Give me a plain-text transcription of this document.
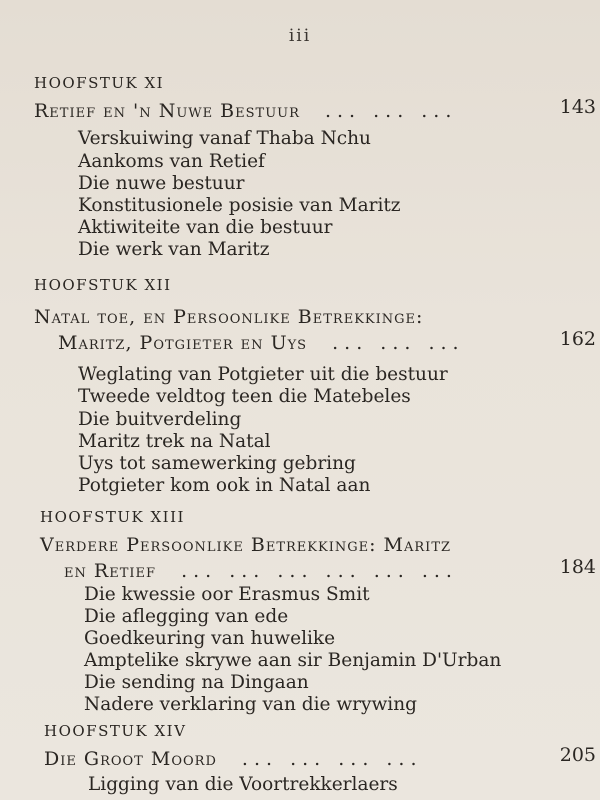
iii
HOOFSTUK XI
Retief en 'n Nuwe Bestuur ... ... ...	143
Verskuiwing vanaf Thaba Nchu
Aankoms van Retief
Die nuwe bestuur
Konstitusionele posisie van Maritz
Aktiwiteite van die bestuur
Die werk van Maritz
HOOFSTUK XII
Natal toe, en Persoonlike Betrekkinge:
Maritz, Potgieter en Uys ... ... ...	162
Weglating van Potgieter uit die bestuur
Tweede veldtog teen die Matebeles
Die buitverdeling
Maritz trek na Natal
Uys tot samewerking gebring
Potgieter kom ook in Natal aan
HOOFSTUK XIII
Verdere Persoonlike Betrekkinge: Maritz
en Retief ... ... ... ... ... ...	184
Die kwessie oor Erasmus Smit
Die aflegging van ede
Goedkeuring van huwelike
Amptelike skrywe aan sir Benjamin D'Urban
Die sending na Dingaan
Nadere verklaring van die wrywing
HOOFSTUK XIV
Die Groot Moord ... ... ... ...	205
Ligging van die Voortrekkerlaers
